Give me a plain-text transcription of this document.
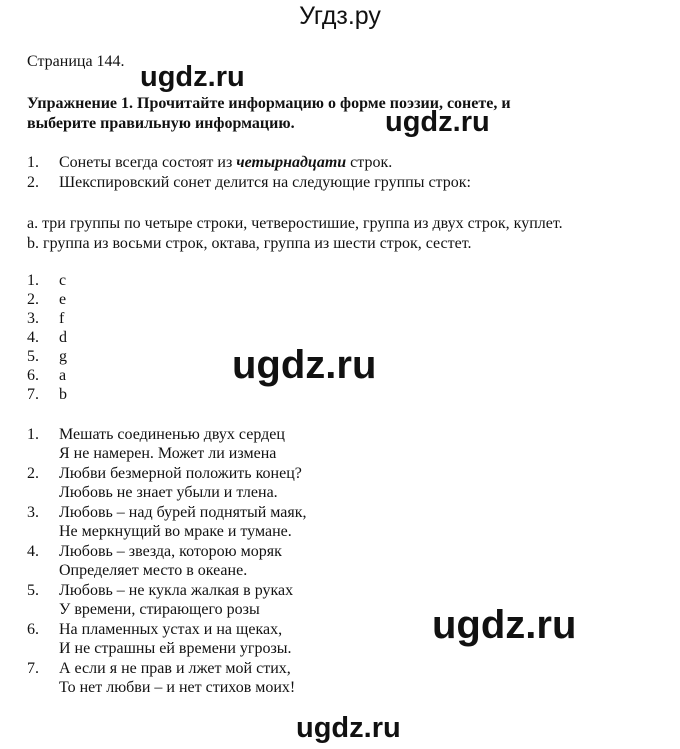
Угдз.ру
Страница 144.
Упражнение 1. Прочитайте информацию о форме поэзии, сонете, и
выберите правильную информацию.
1.	Сонеты всегда состоят из четырнадцати строк.
2.	Шекспировский сонет делится на следующие группы строк:
a. три группы по четыре строки, четверостишие, группа из двух строк, куплет.
b. группа из восьми строк, октава, группа из шести строк, сестет.
1.	c
2.	e
3.	f
4.	d
5.	g
6.	a
7.	b
1.	Мешать соединенью двух сердец
Я не намерен. Может ли измена
2.	Любви безмерной положить конец?
Любовь не знает убыли и тлена.
3.	Любовь – над бурей поднятый маяк,
Не меркнущий во мраке и тумане.
4.	Любовь – звезда, которою моряк
Определяет место в океане.
5.	Любовь – не кукла жалкая в руках
У времени, стирающего розы
6.	На пламенных устах и на щеках,
И не страшны ей времени угрозы.
7.	А если я не прав и лжет мой стих,
То нет любви – и нет стихов моих!
ugdz.ru
ugdz.ru
ugdz.ru
ugdz.ru
ugdz.ru
